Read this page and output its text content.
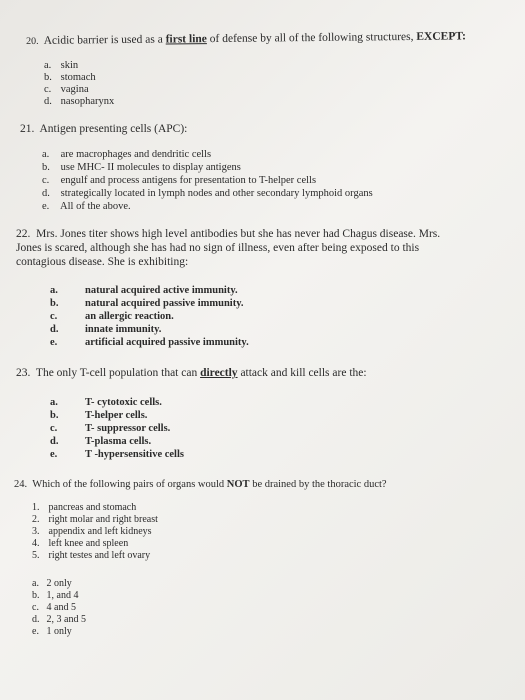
20. Acidic barrier is used as a first line of defense by all of the following structures, EXCEPT:
a. skin
b. stomach
c. vagina
d. nasopharynx
21. Antigen presenting cells (APC):
a. are macrophages and dendritic cells
b. use MHC- II molecules to display antigens
c. engulf and process antigens for presentation to T-helper cells
d. strategically located in lymph nodes and other secondary lymphoid organs
e. All of the above.
22. Mrs. Jones titer shows high level antibodies but she has never had Chagus disease. Mrs.
Jones is scared, although she has had no sign of illness, even after being exposed to this
contagious disease. She is exhibiting:
a.	natural acquired active immunity.
b.	natural acquired passive immunity.
c.	an allergic reaction.
d.	innate immunity.
e.	artificial acquired passive immunity.
23. The only T-cell population that can directly attack and kill cells are the:
a.	T- cytotoxic cells.
b.	T-helper cells.
c.	T- suppressor cells.
d.	T-plasma cells.
e.	T -hypersensitive cells
24. Which of the following pairs of organs would NOT be drained by the thoracic duct?
1. pancreas and stomach
2. right molar and right breast
3. appendix and left kidneys
4. left knee and spleen
5. right testes and left ovary
a. 2 only
b. 1, and 4
c. 4 and 5
d. 2, 3 and 5
e. 1 only
